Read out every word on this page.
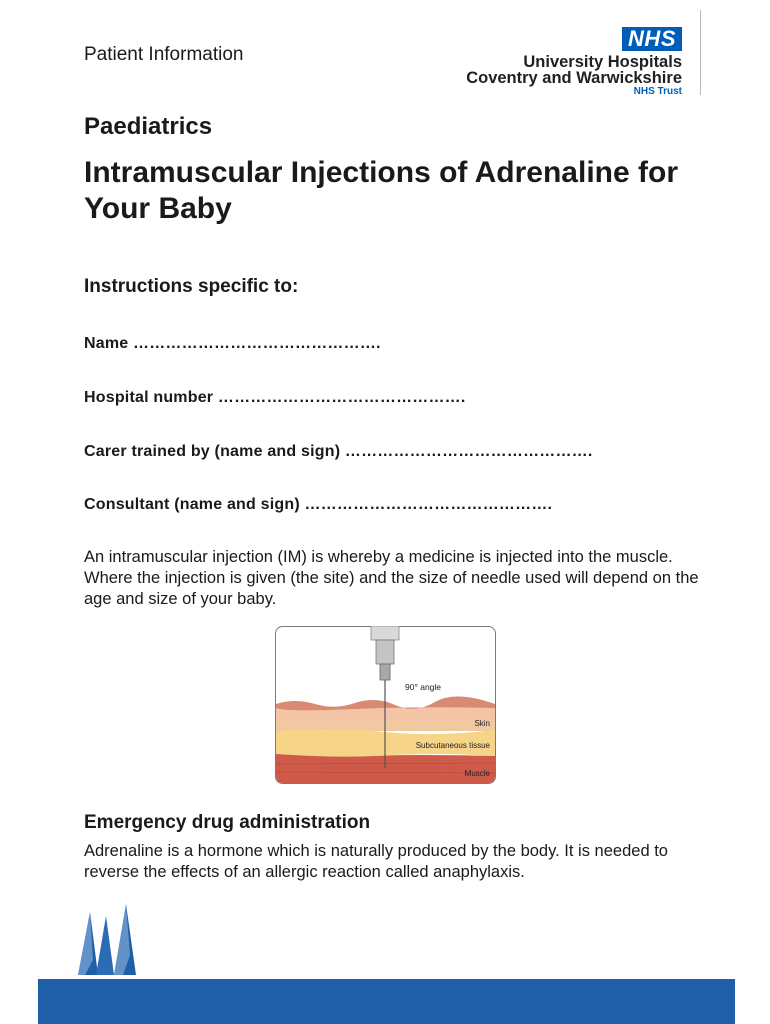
Patient Information
NHS
University Hospitals
Coventry and Warwickshire
NHS Trust
Paediatrics
Intramuscular Injections of Adrenaline for Your Baby
Instructions specific to:
Name ……………………………………….
Hospital number ……………………………………….
Carer trained by (name and sign) ……………………………………….
Consultant (name and sign) ……………………………………….
An intramuscular injection (IM) is whereby a medicine is injected into the muscle. Where the injection is given (the site) and the size of needle used will depend on the age and size of your baby.
90° angle
Skin
Subcutaneous tissue
Muscle
Emergency drug administration
Adrenaline is a hormone which is naturally produced by the body. It is needed to reverse the effects of an allergic reaction called anaphylaxis.
